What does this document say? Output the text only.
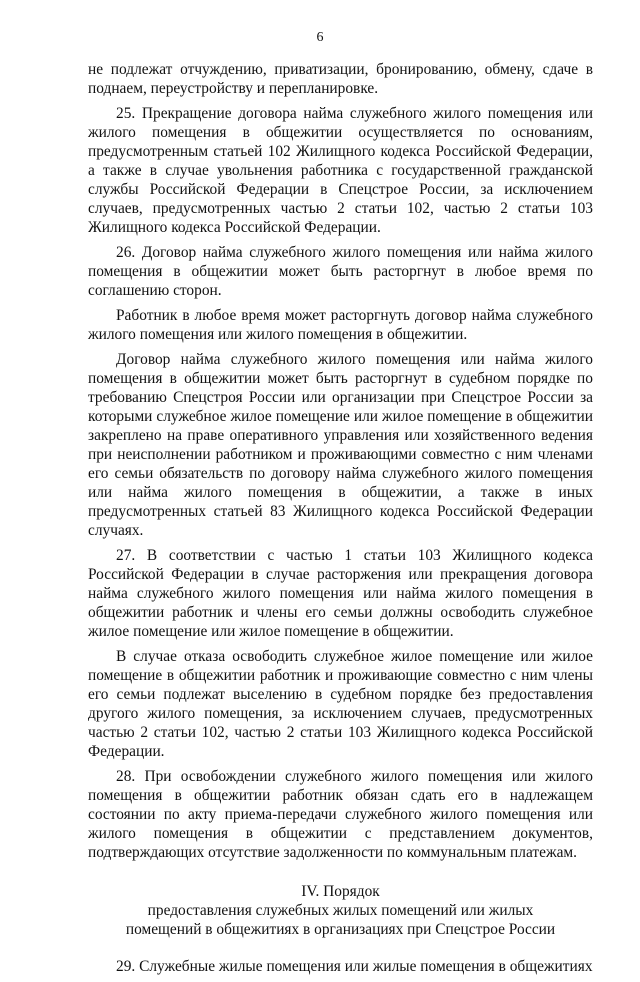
6

не подлежат отчуждению, приватизации, бронированию, обмену, сдаче в поднаем, переустройству и перепланировке.

25. Прекращение договора найма служебного жилого помещения или жилого помещения в общежитии осуществляется по основаниям, предусмотренным статьей 102 Жилищного кодекса Российской Федерации, а также в случае увольнения работника с государственной гражданской службы Российской Федерации в Спецстрое России, за исключением случаев, предусмотренных частью 2 статьи 102, частью 2 статьи 103 Жилищного кодекса Российской Федерации.

26. Договор найма служебного жилого помещения или найма жилого помещения в общежитии может быть расторгнут в любое время по соглашению сторон.

Работник в любое время может расторгнуть договор найма служебного жилого помещения или жилого помещения в общежитии.

Договор найма служебного жилого помещения или найма жилого помещения в общежитии может быть расторгнут в судебном порядке по требованию Спецстроя России или организации при Спецстрое России за которыми служебное жилое помещение или жилое помещение в общежитии закреплено на праве оперативного управления или хозяйственного ведения при неисполнении работником и проживающими совместно с ним членами его семьи обязательств по договору найма служебного жилого помещения или найма жилого помещения в общежитии, а также в иных предусмотренных статьей 83 Жилищного кодекса Российской Федерации случаях.

27. В соответствии с частью 1 статьи 103 Жилищного кодекса Российской Федерации в случае расторжения или прекращения договора найма служебного жилого помещения или найма жилого помещения в общежитии работник и члены его семьи должны освободить служебное жилое помещение или жилое помещение в общежитии.

В случае отказа освободить служебное жилое помещение или жилое помещение в общежитии работник и проживающие совместно с ним члены его семьи подлежат выселению в судебном порядке без предоставления другого жилого помещения, за исключением случаев, предусмотренных частью 2 статьи 102, частью 2 статьи 103 Жилищного кодекса Российской Федерации.

28. При освобождении служебного жилого помещения или жилого помещения в общежитии работник обязан сдать его в надлежащем состоянии по акту приема-передачи служебного жилого помещения или жилого помещения в общежитии с представлением документов, подтверждающих отсутствие задолженности по коммунальным платежам.

IV. Порядок
предоставления служебных жилых помещений или жилых
помещений в общежитиях в организациях при Спецстрое России

29. Служебные жилые помещения или жилые помещения в общежитиях
